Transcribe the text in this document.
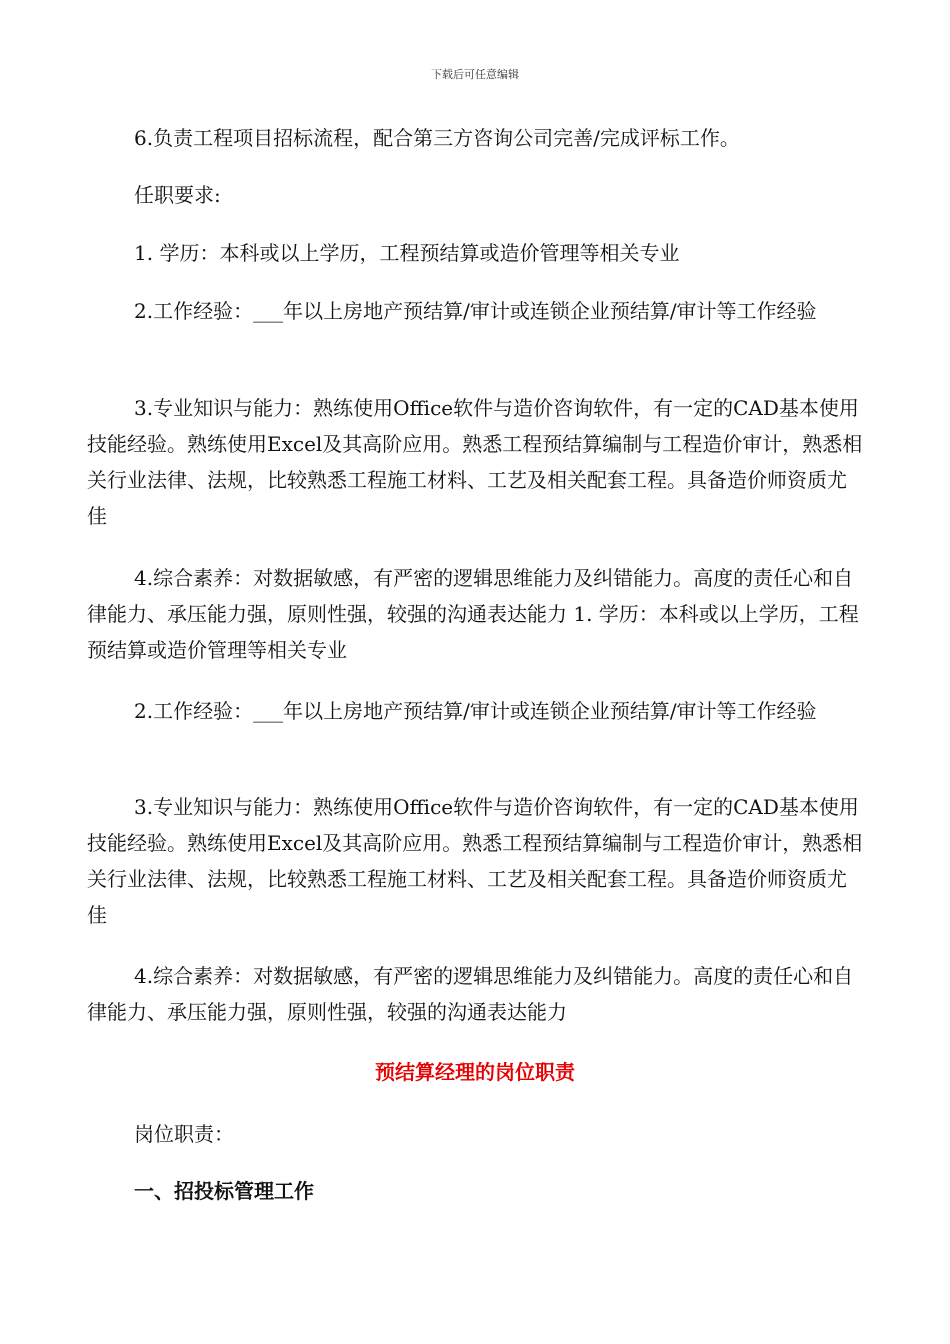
下载后可任意编辑

6.负责工程项目招标流程，配合第三方咨询公司完善/完成评标工作。

任职要求:

1. 学历：本科或以上学历，工程预结算或造价管理等相关专业

2.工作经验：___年以上房地产预结算/审计或连锁企业预结算/审计等工作经验

3.专业知识与能力：熟练使用Office软件与造价咨询软件，有一定的CAD基本使用技能经验。熟练使用Excel及其高阶应用。熟悉工程预结算编制与工程造价审计，熟悉相关行业法律、法规，比较熟悉工程施工材料、工艺及相关配套工程。具备造价师资质尤佳

4.综合素养：对数据敏感，有严密的逻辑思维能力及纠错能力。高度的责任心和自律能力、承压能力强，原则性强，较强的沟通表达能力 1. 学历：本科或以上学历，工程预结算或造价管理等相关专业

2.工作经验：___年以上房地产预结算/审计或连锁企业预结算/审计等工作经验

3.专业知识与能力：熟练使用Office软件与造价咨询软件，有一定的CAD基本使用技能经验。熟练使用Excel及其高阶应用。熟悉工程预结算编制与工程造价审计，熟悉相关行业法律、法规，比较熟悉工程施工材料、工艺及相关配套工程。具备造价师资质尤佳

4.综合素养：对数据敏感，有严密的逻辑思维能力及纠错能力。高度的责任心和自律能力、承压能力强，原则性强，较强的沟通表达能力

预结算经理的岗位职责

岗位职责：

一、招投标管理工作
